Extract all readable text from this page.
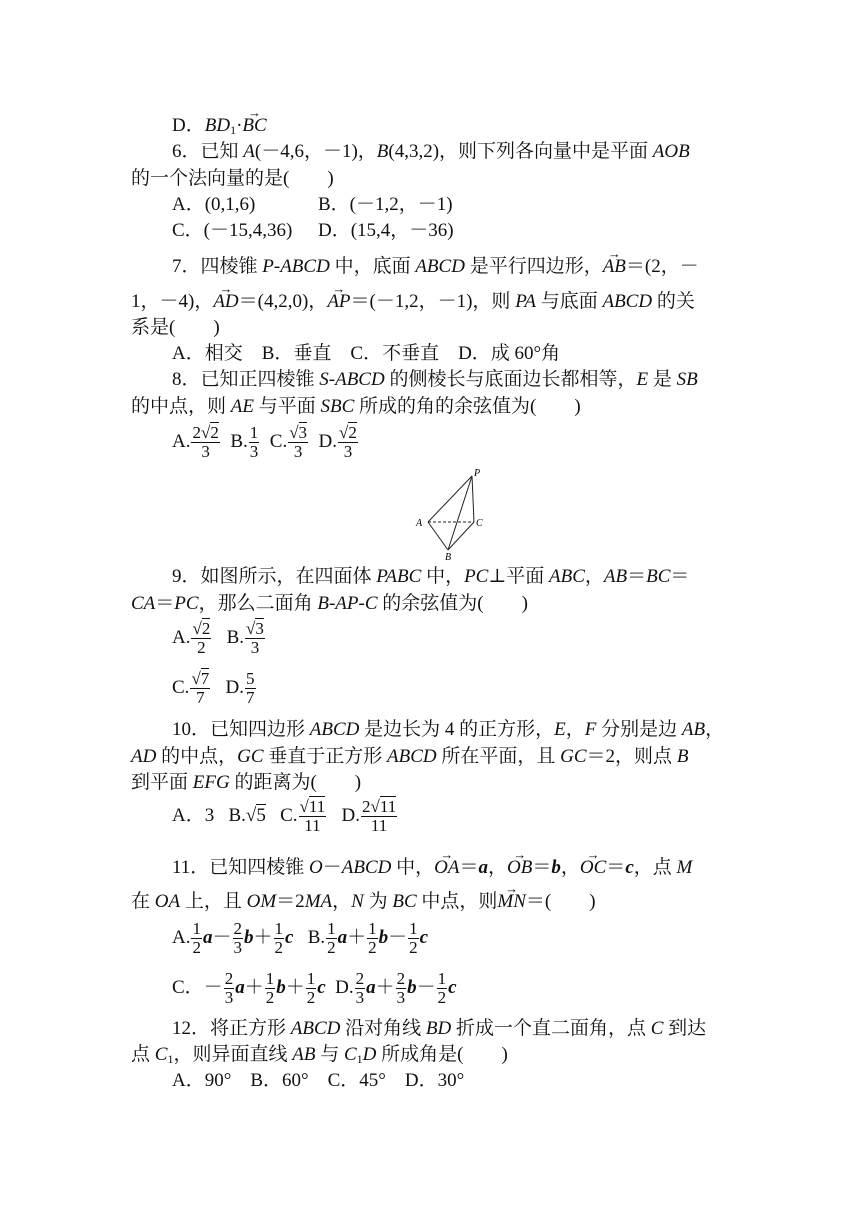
D．$BD_1\cdot\to$ BC
6．已知 A(－4,6，－1)，B(4,3,2)，则下列各向量中是平面 AOB
的一个法向量的是(　　)
A．(0,1,6)	B．(－1,2，－1)
C．(－15,4,36) D．(15,4，－36)
7．四棱锥 P-ABCD 中，底面 ABCD 是平行四边形，→ AB＝(2，－
1，－4)，→ AD＝(4,2,0)，→ AP＝(－1,2，－1)，则 PA 与底面 ABCD 的关
系是(　　)
A．相交　B．垂直　C．不垂直　D．成 60°角
8．已知正四棱锥 S-ABCD 的侧棱长与底面边长都相等，E 是 SB
的中点，则 AE 与平面 SBC 所成的角的余弦值为(　　)
A. $\frac{2√2}{3} B$. $\frac{1}{3} C$. $\frac{√3}{3} D$. $\frac{√2}{3}$
P
A	C
B
9．如图所示，在四面体 PABC 中，PC⊥平面 ABC，AB＝BC＝
CA＝PC，那么二面角 B-AP-C 的余弦值为(　　)
A. $\frac{√2}{2} B$. $\frac{√3}{3}$
C. $\frac{√7}{7} D$. $\frac{5}{7}$
10．已知四边形 ABCD 是边长为 4 的正方形，E，F 分别是边 AB，
AD 的中点，GC 垂直于正方形 ABCD 所在平面，且 GC＝2，则点 B
到平面 EFG 的距离为(　　)
A．3   B.√5   C. $\frac{√11}{11} D$. $\frac{2√11}{11}$
11．已知四棱锥 O－ABCD 中，→ OA＝a，→ OB＝b，→ OC＝c，点 M
在 OA 上，且 OM＝2MA，N 为 BC 中点，则→ MN＝(　　)
A. $\frac{1}{2} a- \frac{2}{3} b+ \frac{1}{2}$ c   B. $\frac{1}{2} a+ \frac{1}{2} b- \frac{1}{2}$ c
C．－ $\frac{2}{3} a+ \frac{1}{2} b+ \frac{1}{2}$ c  D. $\frac{2}{3} a+ \frac{2}{3} b- \frac{1}{2}$ c
12．将正方形 ABCD 沿对角线 BD 折成一个直二面角，点 C 到达
点 $C_1$，则异面直线 AB 与 $C_1D$ 所成角是(　　)
A．90°　B．60°　C．45°　D．30°
